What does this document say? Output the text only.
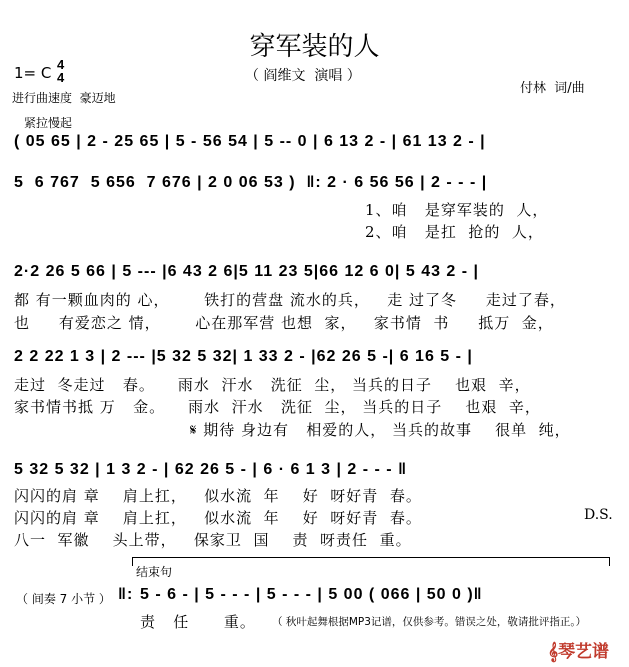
穿军装的人
1= C 4
4	（ 阎维文  演唱 ）
付林  词/曲
进行曲速度  豪迈地
紧拉慢起
( 05 65 | 2 - 25 65 | 5 - 56 54 | 5 -- 0 | 6 13 2 - | 61 13 2 - |
5  6 767  5 656  7 676 | 2 0 06 53 )  ‖: 2 · 6 56 56 | 2 - - - |
1、咱   是穿军装的  人，
2、咱   是扛  抢的  人，
2·2 26 5 66 | 5 --- |6 43 2 6|5 11 23 5|66 12 6 0| 5 43 2 - |
都 有一颗血肉的 心，      铁打的营盘 流水的兵，   走 过了冬     走过了春，
也     有爱恋之 情，      心在那军营 也想  家，   家书情  书     抵万  金，
2 2 22 1 3 | 2 --- |5 32 5 32| 1 33 2 - |62 26 5 -| 6 16 5 - |
走过  冬走过   春。    雨水  汗水   洗征  尘， 当兵的日子    也艰  辛，
家书情书抵 万   金。    雨水  汗水   洗征  尘， 当兵的日子    也艰  辛，
𝄋 期待 身边有   相爱的人， 当兵的故事    很单  纯，
5 32 5 32 | 1 3 2 - | 62 26 5 - | 6 · 6 1 3 | 2 - - - ‖
闪闪的肩 章    肩上扛，   似水流  年    好  呀好青  春。
闪闪的肩 章    肩上扛，   似水流  年    好  呀好青  春。
八一  军徽    头上带，   保家卫  国    责  呀责任  重。
D.S.
结束句
（ 间奏 7 小节 ） ‖: 5 - 6 - | 5 - - - | 5 - - - | 5 00 ( 066 | 50 0 )‖
责   任      重。 （ 秋叶起舞根据MP3记谱，仅供参考。错误之处，敬请批评指正。）
𝄞琴艺谱
